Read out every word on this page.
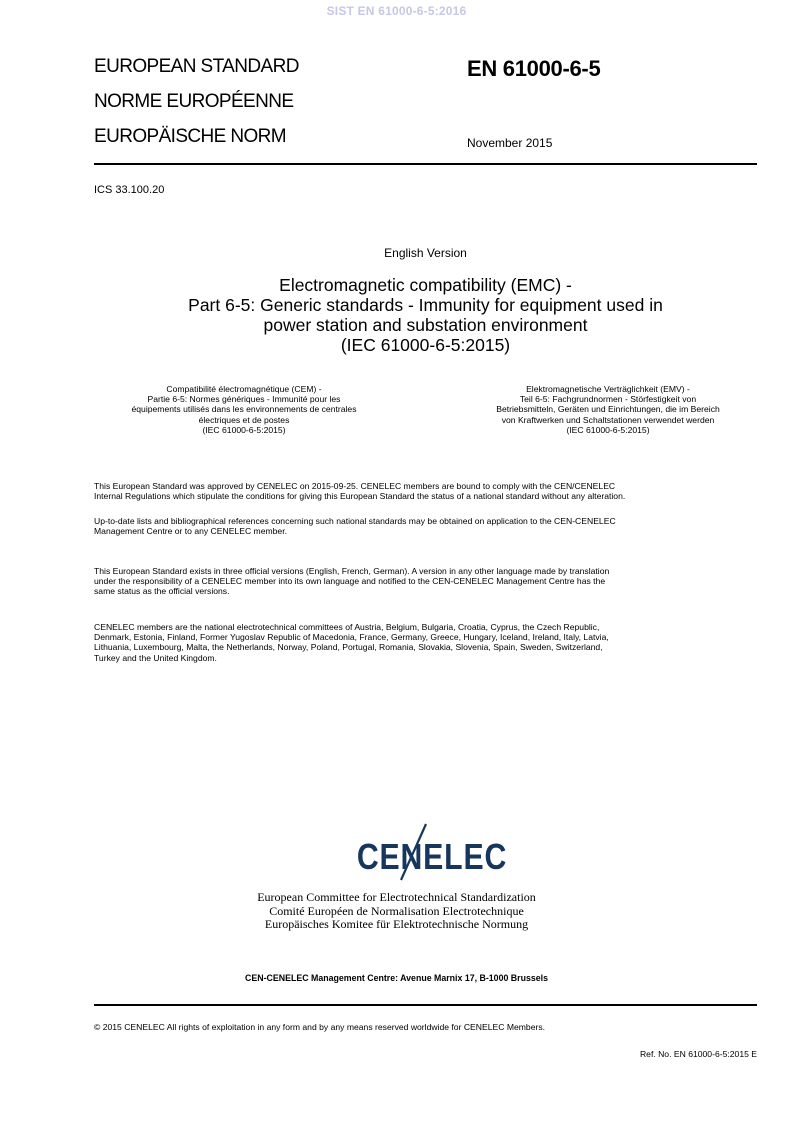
SIST EN 61000-6-5:2016
EUROPEAN STANDARD
NORME EUROPÉENNE
EUROPÄISCHE NORM
EN 61000-6-5
November 2015
ICS 33.100.20
English Version
Electromagnetic compatibility (EMC) -
Part 6-5: Generic standards - Immunity for equipment used in
power station and substation environment
(IEC 61000-6-5:2015)
Compatibilité électromagnétique (CEM) -
Partie 6-5: Normes génériques - Immunité pour les
équipements utilisés dans les environnements de centrales
électriques et de postes
(IEC 61000-6-5:2015)
Elektromagnetische Verträglichkeit (EMV) -
Teil 6-5: Fachgrundnormen - Störfestigkeit von
Betriebsmitteln, Geräten und Einrichtungen, die im Bereich
von Kraftwerken und Schaltstationen verwendet werden
(IEC 61000-6-5:2015)
This European Standard was approved by CENELEC on 2015-09-25. CENELEC members are bound to comply with the CEN/CENELEC
Internal Regulations which stipulate the conditions for giving this European Standard the status of a national standard without any alteration.
Up-to-date lists and bibliographical references concerning such national standards may be obtained on application to the CEN-CENELEC
Management Centre or to any CENELEC member.
This European Standard exists in three official versions (English, French, German). A version in any other language made by translation
under the responsibility of a CENELEC member into its own language and notified to the CEN-CENELEC Management Centre has the
same status as the official versions.
CENELEC members are the national electrotechnical committees of Austria, Belgium, Bulgaria, Croatia, Cyprus, the Czech Republic,
Denmark, Estonia, Finland, Former Yugoslav Republic of Macedonia, France, Germany, Greece, Hungary, Iceland, Ireland, Italy, Latvia,
Lithuania, Luxembourg, Malta, the Netherlands, Norway, Poland, Portugal, Romania, Slovakia, Slovenia, Spain, Sweden, Switzerland,
Turkey and the United Kingdom.
CENELEC
European Committee for Electrotechnical Standardization
Comité Européen de Normalisation Electrotechnique
Europäisches Komitee für Elektrotechnische Normung
CEN-CENELEC Management Centre: Avenue Marnix 17, B-1000 Brussels
© 2015 CENELEC All rights of exploitation in any form and by any means reserved worldwide for CENELEC Members.
Ref. No. EN 61000-6-5:2015 E
